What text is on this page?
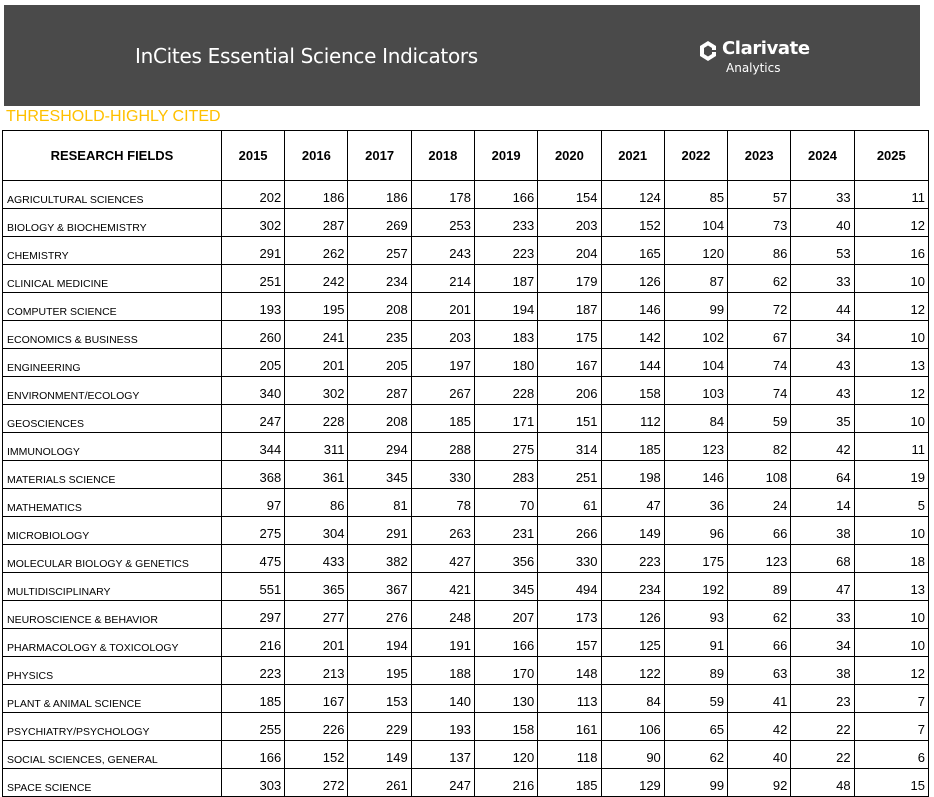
InCites Essential Science Indicators	Clarivate
Analytics
THRESHOLD-HIGHLY CITED
RESEARCH FIELDS	2015	2016	2017	2018	2019	2020	2021	2022	2023	2024	2025
AGRICULTURAL SCIENCES	202	186	186	178	166	154	124	85	57	33	11
BIOLOGY & BIOCHEMISTRY	302	287	269	253	233	203	152	104	73	40	12
CHEMISTRY	291	262	257	243	223	204	165	120	86	53	16
CLINICAL MEDICINE	251	242	234	214	187	179	126	87	62	33	10
COMPUTER SCIENCE	193	195	208	201	194	187	146	99	72	44	12
ECONOMICS & BUSINESS	260	241	235	203	183	175	142	102	67	34	10
ENGINEERING	205	201	205	197	180	167	144	104	74	43	13
ENVIRONMENT/ECOLOGY	340	302	287	267	228	206	158	103	74	43	12
GEOSCIENCES	247	228	208	185	171	151	112	84	59	35	10
IMMUNOLOGY	344	311	294	288	275	314	185	123	82	42	11
MATERIALS SCIENCE	368	361	345	330	283	251	198	146	108	64	19
MATHEMATICS	97	86	81	78	70	61	47	36	24	14	5
MICROBIOLOGY	275	304	291	263	231	266	149	96	66	38	10
MOLECULAR BIOLOGY & GENETICS	475	433	382	427	356	330	223	175	123	68	18
MULTIDISCIPLINARY	551	365	367	421	345	494	234	192	89	47	13
NEUROSCIENCE & BEHAVIOR	297	277	276	248	207	173	126	93	62	33	10
PHARMACOLOGY & TOXICOLOGY	216	201	194	191	166	157	125	91	66	34	10
PHYSICS	223	213	195	188	170	148	122	89	63	38	12
PLANT & ANIMAL SCIENCE	185	167	153	140	130	113	84	59	41	23	7
PSYCHIATRY/PSYCHOLOGY	255	226	229	193	158	161	106	65	42	22	7
SOCIAL SCIENCES, GENERAL	166	152	149	137	120	118	90	62	40	22	6
SPACE SCIENCE	303	272	261	247	216	185	129	99	92	48	15
